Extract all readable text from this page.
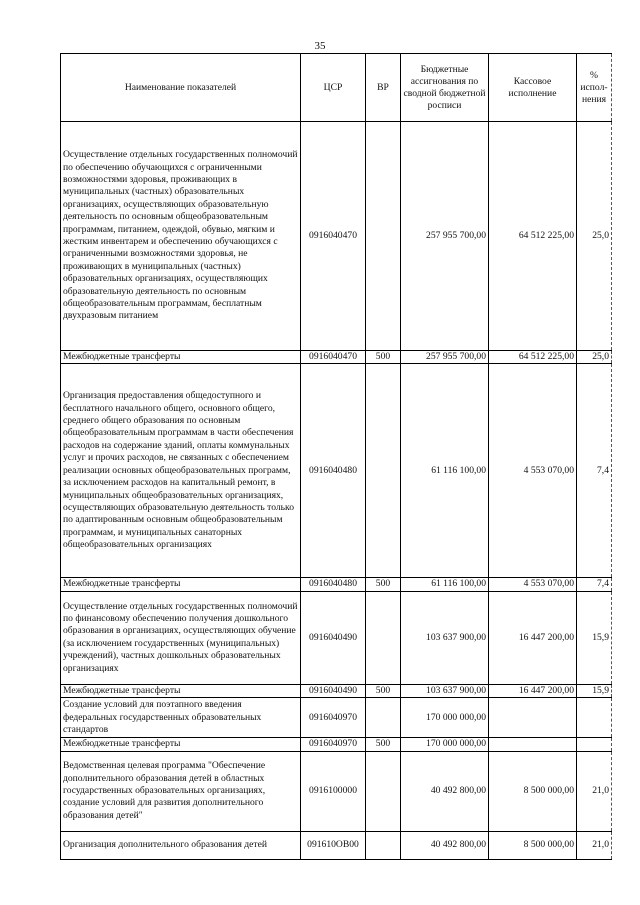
35
Наименование показателей	ЦСР	ВР	Бюджетные ассигнования по сводной бюджетной росписи	Кассовое исполнение	% испол-нения
Осуществление отдельных государственных полномочий по обеспечению обучающихся с ограниченными возможностями здоровья, проживающих в муниципальных (частных) образовательных организациях, осуществляющих образовательную деятельность по основным общеобразовательным программам, питанием, одеждой, обувью, мягким и жестким инвентарем и обеспечению обучающихся с ограниченными возможностями здоровья, не проживающих в муниципальных (частных) образовательных организациях, осуществляющих образовательную деятельность по основным общеобразовательным программам, бесплатным двухразовым питанием	0916040470		257 955 700,00	64 512 225,00	25,0
Межбюджетные трансферты	0916040470	500	257 955 700,00	64 512 225,00	25,0
Организация предоставления общедоступного и бесплатного начального общего, основного общего, среднего общего образования по основным общеобразовательным программам в части обеспечения расходов на содержание зданий, оплаты коммунальных услуг и прочих расходов, не связанных с обеспечением реализации основных общеобразовательных программ, за исключением расходов на капитальный ремонт, в муниципальных общеобразовательных организациях, осуществляющих образовательную деятельность только по адаптированным основным общеобразовательным программам, и муниципальных санаторных общеобразовательных организациях	0916040480		61 116 100,00	4 553 070,00	7,4
Межбюджетные трансферты	0916040480	500	61 116 100,00	4 553 070,00	7,4
Осуществление отдельных государственных полномочий по финансовому обеспечению получения дошкольного образования в организациях, осуществляющих обучение (за исключением государственных (муниципальных) учреждений), частных дошкольных образовательных организациях	0916040490		103 637 900,00	16 447 200,00	15,9
Межбюджетные трансферты	0916040490	500	103 637 900,00	16 447 200,00	15,9
Создание условий для поэтапного введения федеральных государственных образовательных стандартов	0916040970		170 000 000,00		
Межбюджетные трансферты	0916040970	500	170 000 000,00		
Ведомственная целевая программа "Обеспечение дополнительного образования детей в областных государственных образовательных организациях, создание условий для развития дополнительного образования детей"	0916100000		40 492 800,00	8 500 000,00	21,0
Организация дополнительного образования детей	091610ОВ00		40 492 800,00	8 500 000,00	21,0
